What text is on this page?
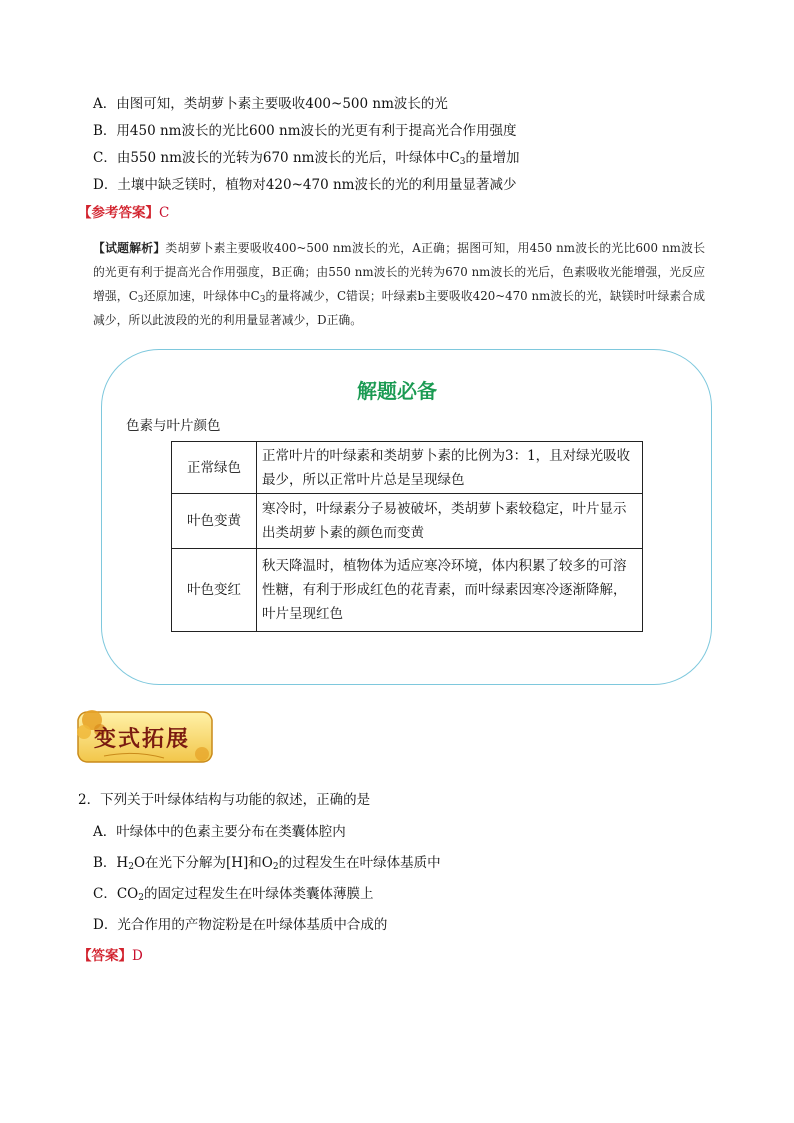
A．由图可知，类胡萝卜素主要吸收400~500 nm波长的光
B．用450 nm波长的光比600 nm波长的光更有利于提高光合作用强度
C．由550 nm波长的光转为670 nm波长的光后，叶绿体中$C_3$的量增加
D．土壤中缺乏镁时，植物对420~470 nm波长的光的利用量显著减少
【参考答案】C
【试题解析】类胡萝卜素主要吸收400~500 nm波长的光，A正确；据图可知，用450 nm波长的光比600 nm波长的光更有利于提高光合作用强度，B正确；由550 nm波长的光转为670 nm波长的光后，色素吸收光能增强，光反应增强，$C_3$还原加速，叶绿体中$C_3$的量将减少，C错误；叶绿素b主要吸收420~470 nm波长的光，缺镁时叶绿素合成减少，所以此波段的光的利用量显著减少，D正确。
解题必备
色素与叶片颜色
正常绿色	正常叶片的叶绿素和类胡萝卜素的比例为3：1，且对绿光吸收最少，所以正常叶片总是呈现绿色
叶色变黄	寒冷时，叶绿素分子易被破坏，类胡萝卜素较稳定，叶片显示出类胡萝卜素的颜色而变黄
叶色变红	秋天降温时，植物体为适应寒冷环境，体内积累了较多的可溶性糖，有利于形成红色的花青素，而叶绿素因寒冷逐渐降解，叶片呈现红色
变式拓展
2．下列关于叶绿体结构与功能的叙述，正确的是
A．叶绿体中的色素主要分布在类囊体腔内
B．$H_2O$在光下分解为[H]和$O_2$的过程发生在叶绿体基质中
C．$CO_2$的固定过程发生在叶绿体类囊体薄膜上
D．光合作用的产物淀粉是在叶绿体基质中合成的
【答案】D
